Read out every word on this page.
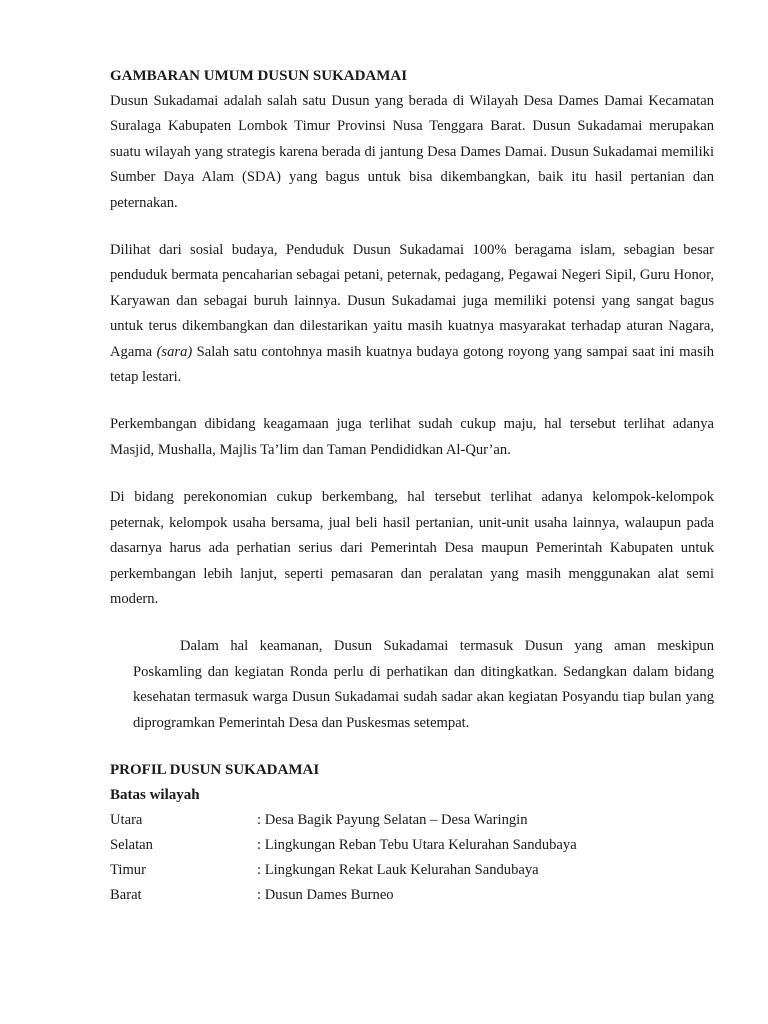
GAMBARAN UMUM DUSUN SUKADAMAI

Dusun Sukadamai adalah salah satu Dusun yang berada di Wilayah Desa Dames Damai Kecamatan Suralaga Kabupaten Lombok Timur Provinsi Nusa Tenggara Barat. Dusun Sukadamai merupakan suatu wilayah yang strategis karena berada di jantung Desa Dames Damai. Dusun Sukadamai memiliki Sumber Daya Alam (SDA) yang bagus untuk bisa dikembangkan, baik itu hasil pertanian dan peternakan.

Dilihat dari sosial budaya, Penduduk Dusun Sukadamai 100% beragama islam, sebagian besar penduduk bermata pencaharian sebagai petani, peternak, pedagang, Pegawai Negeri Sipil, Guru Honor, Karyawan dan sebagai buruh lainnya. Dusun Sukadamai juga memiliki potensi yang sangat bagus untuk terus dikembangkan dan dilestarikan yaitu masih kuatnya masyarakat terhadap aturan Nagara, Agama (sara) Salah satu contohnya masih kuatnya budaya gotong royong yang sampai saat ini masih tetap lestari.

Perkembangan dibidang keagamaan juga terlihat sudah cukup maju, hal tersebut terlihat adanya Masjid, Mushalla, Majlis Ta’lim dan Taman Pendididkan Al-Qur’an.

Di bidang perekonomian cukup berkembang, hal tersebut terlihat adanya kelompok-kelompok peternak, kelompok usaha bersama, jual beli hasil pertanian, unit-unit usaha lainnya, walaupun pada dasarnya harus ada perhatian serius dari Pemerintah Desa maupun Pemerintah Kabupaten untuk perkembangan lebih lanjut, seperti pemasaran dan peralatan yang masih menggunakan alat semi modern.

Dalam hal keamanan, Dusun Sukadamai termasuk Dusun yang aman meskipun Poskamling dan kegiatan Ronda perlu di perhatikan dan ditingkatkan. Sedangkan dalam bidang kesehatan termasuk warga Dusun Sukadamai sudah sadar akan kegiatan Posyandu tiap bulan yang diprogramkan Pemerintah Desa dan Puskesmas setempat.

PROFIL DUSUN SUKADAMAI
Batas wilayah
Utara	: Desa Bagik Payung Selatan – Desa Waringin
Selatan	: Lingkungan Reban Tebu Utara Kelurahan Sandubaya
Timur	: Lingkungan Rekat Lauk Kelurahan Sandubaya
Barat	: Dusun Dames Burneo
